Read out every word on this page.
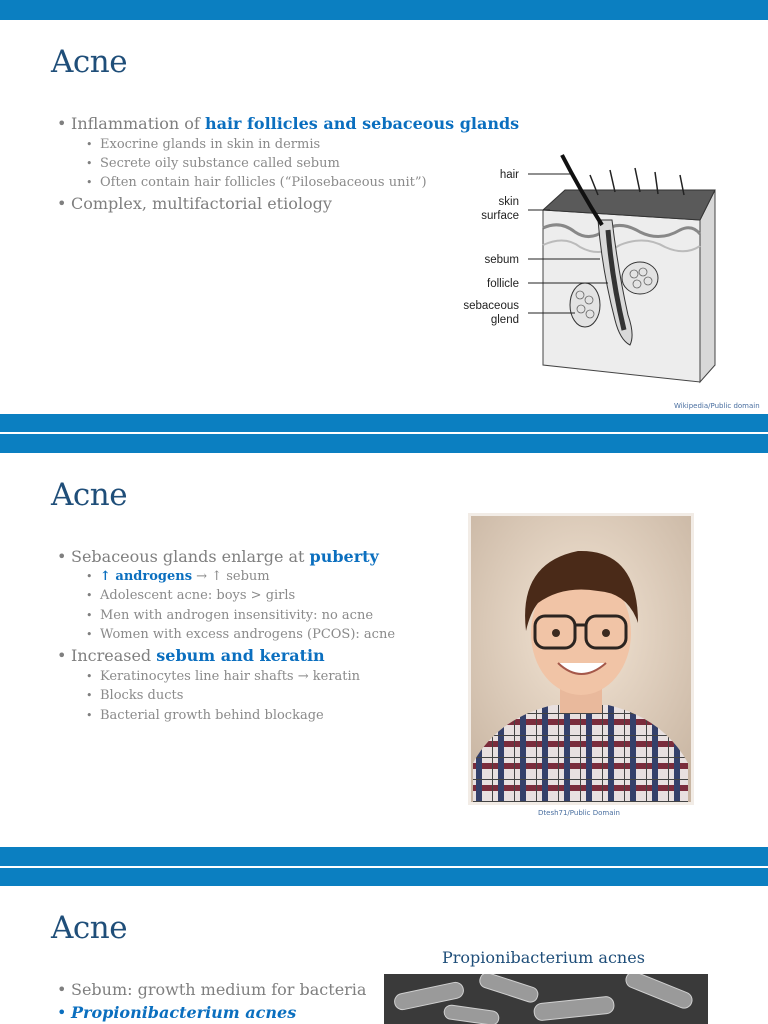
Acne
• Inflammation of hair follicles and sebaceous glands
• Exocrine glands in skin in dermis
• Secrete oily substance called sebum
• Often contain hair follicles (“Pilosebaceous unit”)
• Complex, multifactorial etiology
hair
skin
surface
sebum
follicle
sebaceous
glend
Wikipedia/Public domain
Acne
• Sebaceous glands enlarge at puberty
• ↑ androgens → ↑ sebum
• Adolescent acne: boys > girls
• Men with androgen insensitivity: no acne
• Women with excess androgens (PCOS): acne
• Increased sebum and keratin
• Keratinocytes line hair shafts → keratin
• Blocks ducts
• Bacterial growth behind blockage
Dtesh71/Public Domain
Acne
Propionibacterium acnes
• Sebum: growth medium for bacteria
• Propionibacterium acnes
